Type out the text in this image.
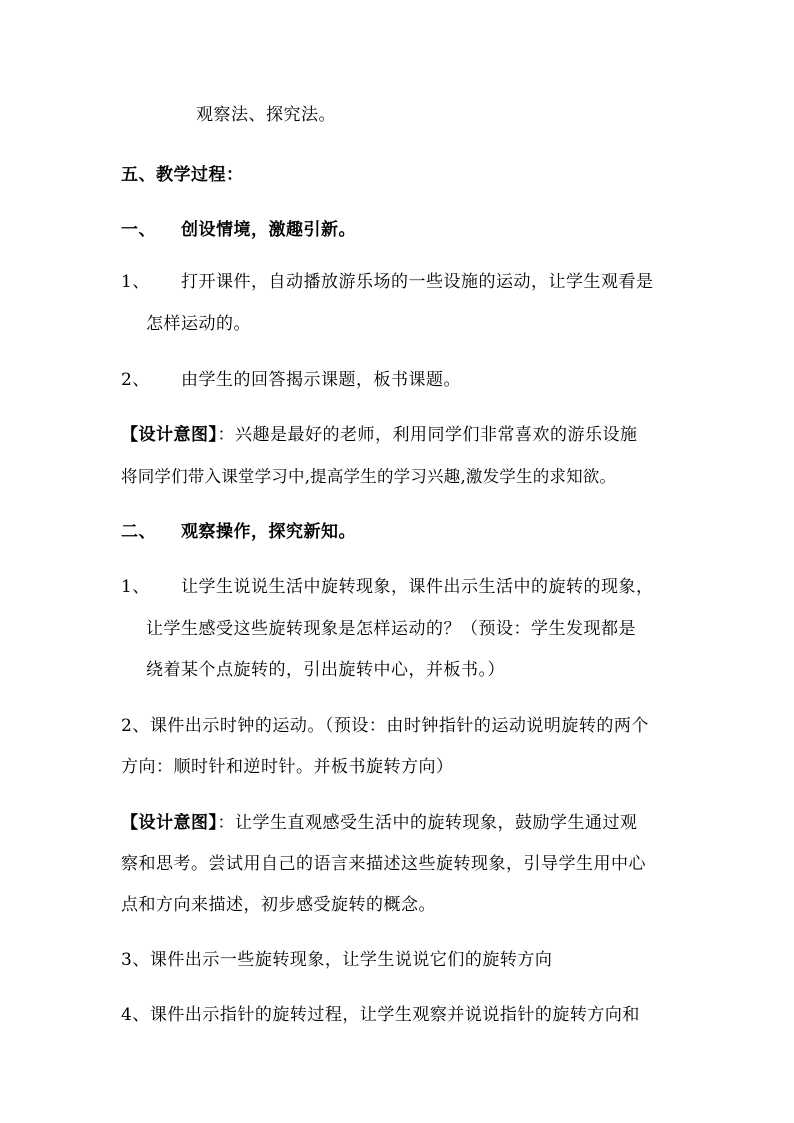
观察法、探究法。
五、教学过程：
一、 创设情境，激趣引新。
1、 打开课件，自动播放游乐场的一些设施的运动，让学生观看是
怎样运动的。
2、 由学生的回答揭示课题，板书课题。
【设计意图】：兴趣是最好的老师，利用同学们非常喜欢的游乐设施
将同学们带入课堂学习中,提高学生的学习兴趣,激发学生的求知欲。
二、 观察操作，探究新知。
1、 让学生说说生活中旋转现象，课件出示生活中的旋转的现象，
让学生感受这些旋转现象是怎样运动的？（预设：学生发现都是
绕着某个点旋转的，引出旋转中心，并板书。）
2、课件出示时钟的运动。（预设：由时钟指针的运动说明旋转的两个
方向：顺时针和逆时针。并板书旋转方向）
【设计意图】：让学生直观感受生活中的旋转现象，鼓励学生通过观
察和思考。尝试用自己的语言来描述这些旋转现象，引导学生用中心
点和方向来描述，初步感受旋转的概念。
3、课件出示一些旋转现象，让学生说说它们的旋转方向
4、课件出示指针的旋转过程，让学生观察并说说指针的旋转方向和
